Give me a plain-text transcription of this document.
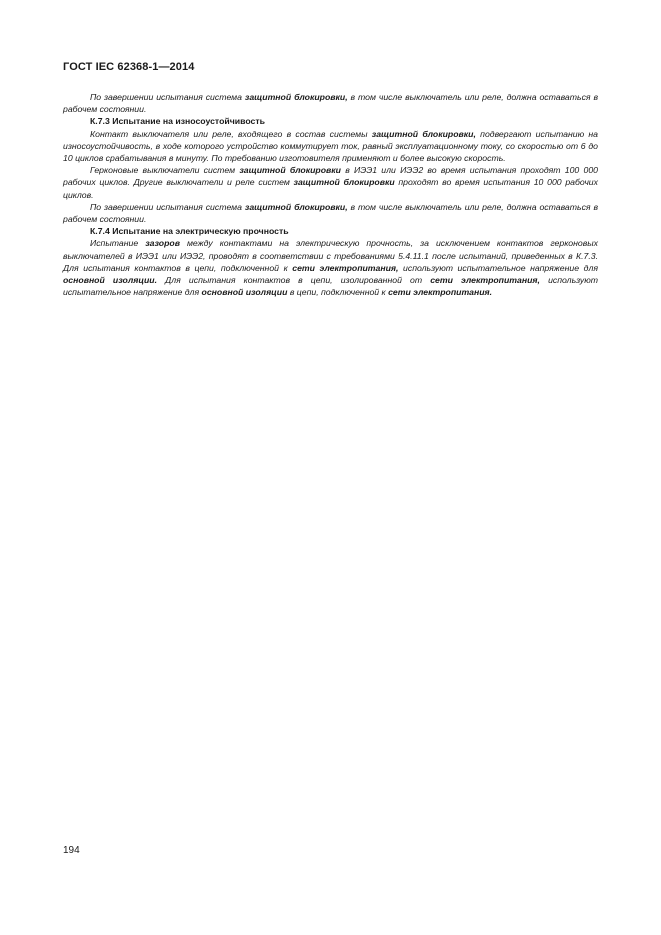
ГОСТ IEC 62368-1—2014

По завершении испытания система защитной блокировки, в том числе выключатель или реле, должна оставаться в рабочем состоянии.

К.7.3 Испытание на износоустойчивость

Контакт выключателя или реле, входящего в состав системы защитной блокировки, подвергают испытанию на износоустойчивость, в ходе которого устройство коммутирует ток, равный эксплуатационному току, со скоростью от 6 до 10 циклов срабатывания в минуту. По требованию изготовителя применяют и более высокую скорость.

Герконовые выключатели систем защитной блокировки в ИЭЭ1 или ИЭЭ2 во время испытания проходят 100 000 рабочих циклов. Другие выключатели и реле систем защитной блокировки проходят во время испытания 10 000 рабочих циклов.

По завершении испытания система защитной блокировки, в том числе выключатель или реле, должна оставаться в рабочем состоянии.

К.7.4 Испытание на электрическую прочность

Испытание зазоров между контактами на электрическую прочность, за исключением контактов герконовых выключателей в ИЭЭ1 или ИЭЭ2, проводят в соответствии с требованиями 5.4.11.1 после испытаний, приведенных в К.7.3. Для испытания контактов в цепи, подключенной к сети электропитания, используют испытательное напряжение для основной изоляции. Для испытания контактов в цепи, изолированной от сети электропитания, используют испытательное напряжение для основной изоляции в цепи, подключенной к сети электропитания.

194
